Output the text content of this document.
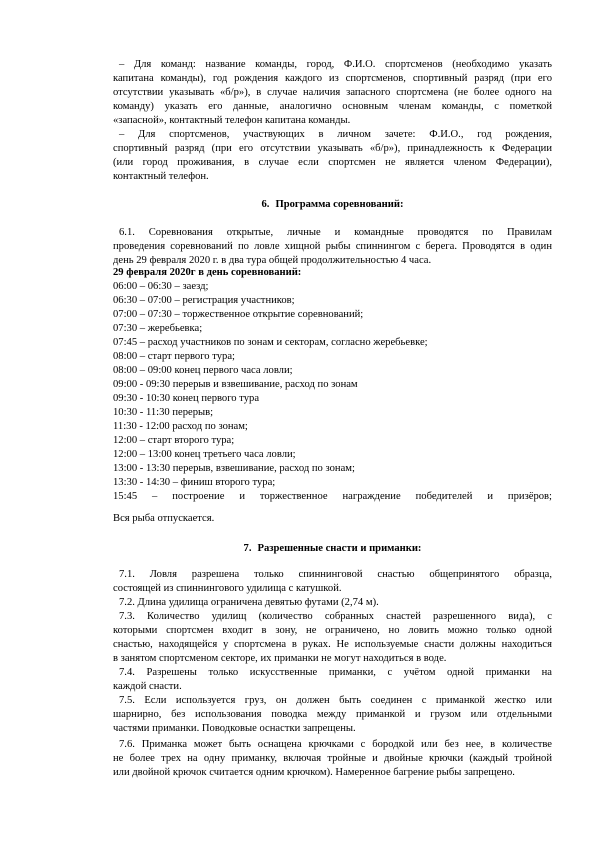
– Для команд: название команды, город, Ф.И.О. спортсменов (необходимо указать
капитана команды), год рождения каждого из спортсменов, спортивный разряд (при его
отсутствии указывать «б/р»), в случае наличия запасного спортсмена (не более одного на
команду) указать его данные, аналогично основным членам команды, с пометкой
«запасной», контактный телефон капитана команды.
– Для спортсменов, участвующих в личном зачете: Ф.И.О., год рождения,
спортивный разряд (при его отсутствии указывать «б/р»), принадлежность к Федерации
(или город проживания, в случае если спортсмен не является членом Федерации),
контактный телефон.
6. Программа соревнований:
6.1. Соревнования открытые, личные и командные проводятся по Правилам
проведения соревнований по ловле хищной рыбы спиннингом с берега. Проводятся в один
день 29 февраля 2020 г. в два тура общей продолжительностью 4 часа.
29 февраля 2020г в день соревнований:
06:00 – 06:30 – заезд;
06:30 – 07:00 – регистрация участников;
07:00 – 07:30 – торжественное открытие соревнований;
07:30 – жеребьевка;
07:45 – расход участников по зонам и секторам, согласно жеребьевке;
08:00 – старт первого тура;
08:00 – 09:00 конец первого часа ловли;
09:00 - 09:30 перерыв и взвешивание, расход по зонам
09:30 - 10:30 конец первого тура
10:30 - 11:30 перерыв;
11:30 - 12:00 расход по зонам;
12:00 – старт второго тура;
12:00 – 13:00 конец третьего часа ловли;
13:00 - 13:30 перерыв, взвешивание, расход по зонам;
13:30 - 14:30 – финиш второго тура;
15:45 – построение и торжественное награждение победителей и призёров;
Вся рыба отпускается.
7. Разрешенные снасти и приманки:
7.1. Ловля разрешена только спиннинговой снастью общепринятого образца,
состоящей из спиннингового удилища с катушкой.
7.2. Длина удилища ограничена девятью футами (2,74 м).
7.3. Количество удилищ (количество собранных снастей разрешенного вида), с
которыми спортсмен входит в зону, не ограничено, но ловить можно только одной
снастью, находящейся у спортсмена в руках. Не используемые снасти должны находиться
в занятом спортсменом секторе, их приманки не могут находиться в воде.
7.4. Разрешены только искусственные приманки, с учётом одной приманки на
каждой снасти.
7.5. Если используется груз, он должен быть соединен с приманкой жестко или
шарнирно, без использования поводка между приманкой и грузом или отдельными
частями приманки. Поводковые оснастки запрещены.
7.6. Приманка может быть оснащена крючками с бородкой или без нее, в количестве
не более трех на одну приманку, включая тройные и двойные крючки (каждый тройной
или двойной крючок считается одним крючком). Намеренное багрение рыбы запрещено.
